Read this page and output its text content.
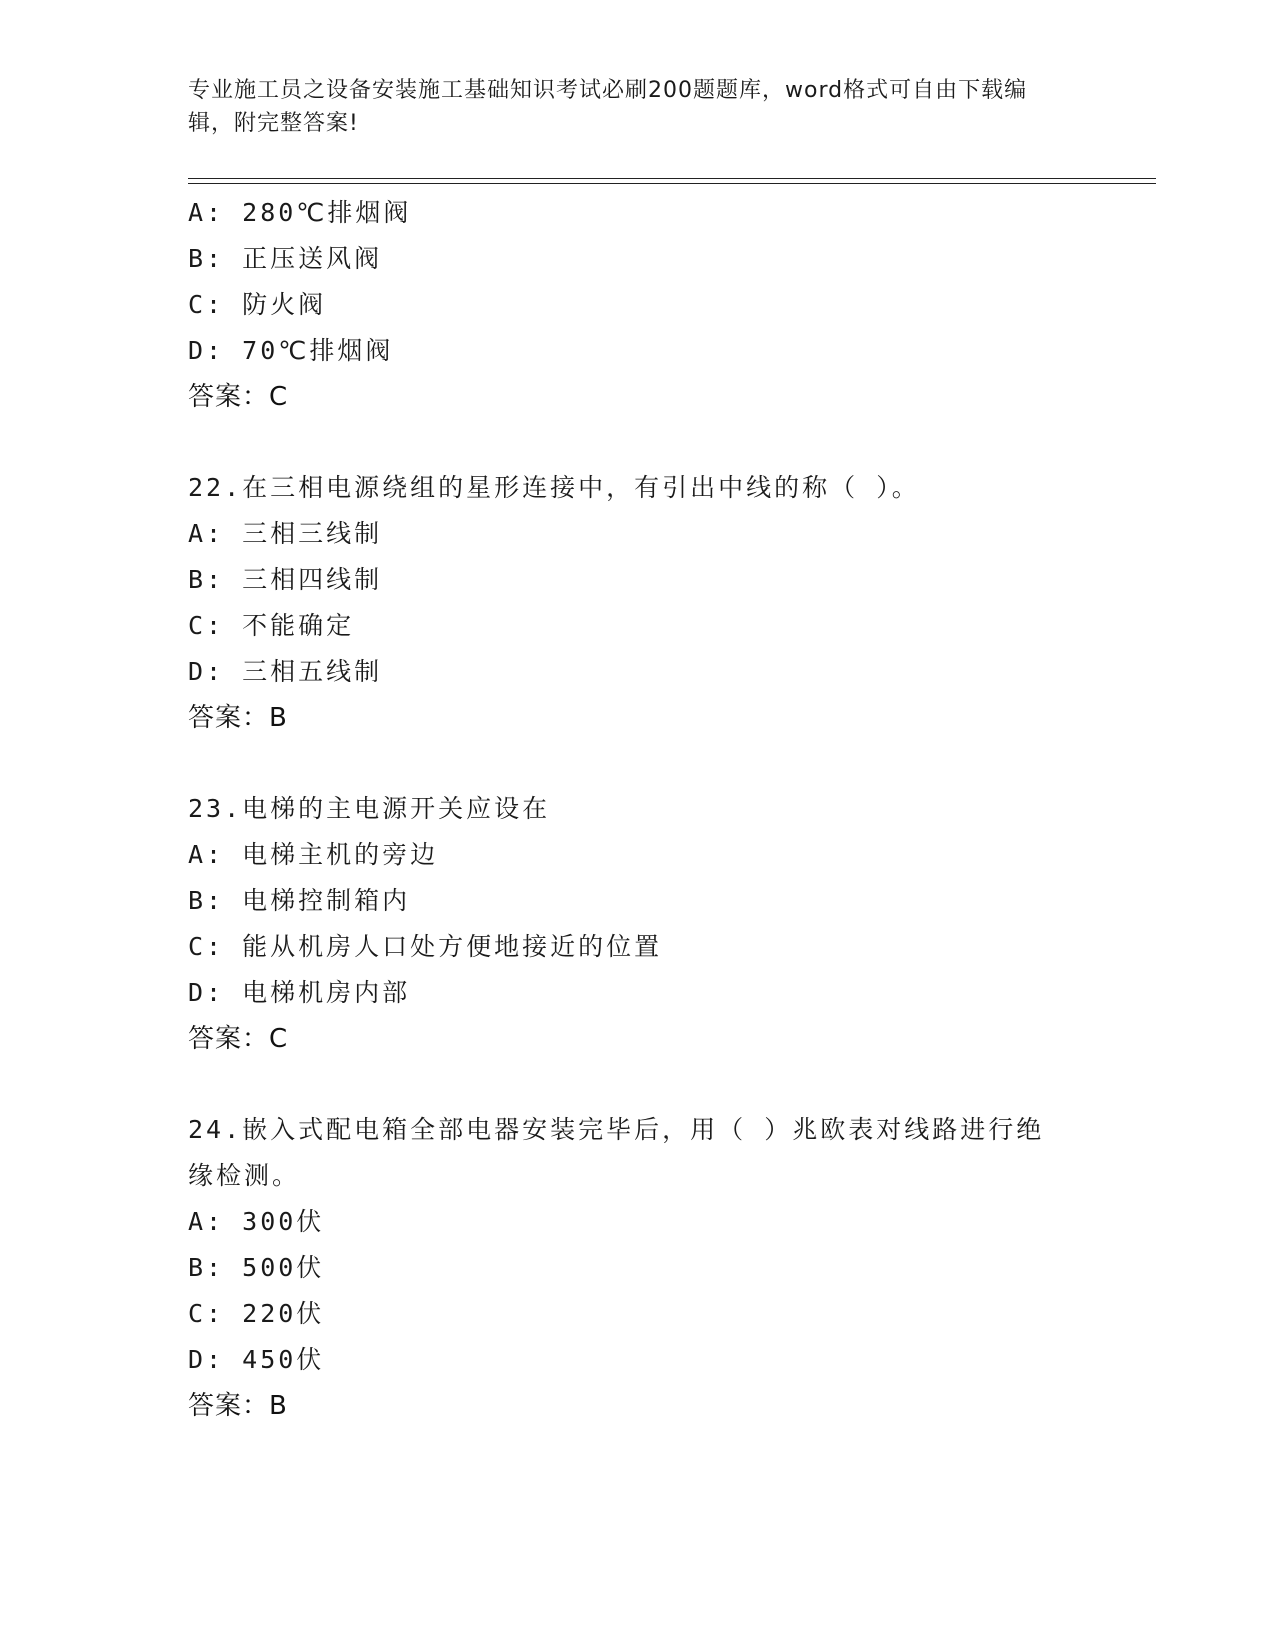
专业施工员之设备安装施工基础知识考试必刷200题题库，word格式可自由下载编辑，附完整答案!
A: 280℃排烟阀
B: 正压送风阀
C: 防火阀
D: 70℃排烟阀
答案：C
22.在三相电源绕组的星形连接中，有引出中线的称（ ）。
A: 三相三线制
B: 三相四线制
C: 不能确定
D: 三相五线制
答案：B
23.电梯的主电源开关应设在
A: 电梯主机的旁边
B: 电梯控制箱内
C: 能从机房人口处方便地接近的位置
D: 电梯机房内部
答案：C
24.嵌入式配电箱全部电器安装完毕后，用（ ）兆欧表对线路进行绝缘检测。
A: 300伏
B: 500伏
C: 220伏
D: 450伏
答案：B
